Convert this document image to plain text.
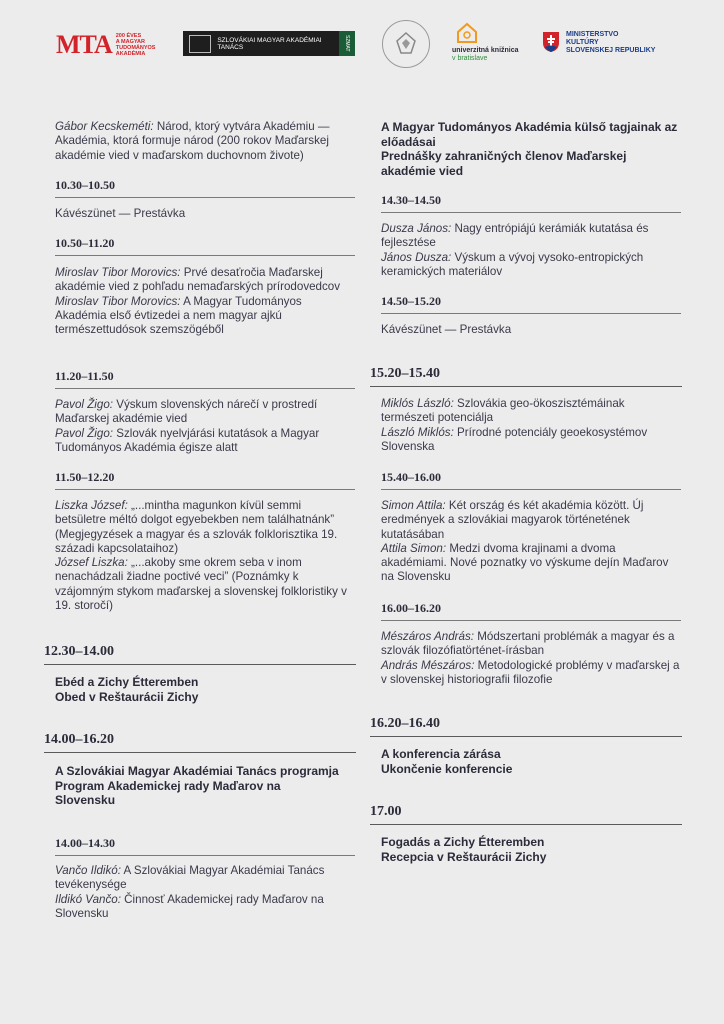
MTA 200 ÉVES
A MAGYAR
TUDOMÁNYOS
AKADÉMIA
SZLOVÁKIAI MAGYAR AKADÉMIAI TANÁCS	SZMAT	univerzitná knižnica
v bratislave
MINISTERSTVO
KULTÚRY
SLOVENSKEJ REPUBLIKY
Gábor Kecskeméti: Národ, ktorý vytvára Akadémiu — Akadémia, ktorá formuje národ (200 rokov Maďarskej akadémie vied v maďarskom duchovnom živote)
10.30–10.50
Kávészünet — Prestávka
10.50–11.20
Miroslav Tibor Morovics: Prvé desaťročia Maďarskej akadémie vied z pohľadu nemaďarských prírodovedcov
Miroslav Tibor Morovics: A Magyar Tudományos Akadémia első évtizedei a nem magyar ajkú természettudósok szemszögéből
11.20–11.50
Pavol Žigo: Výskum slovenských nárečí v prostredí Maďarskej akadémie vied
Pavol Žigo: Szlovák nyelvjárási kutatások a Magyar Tudományos Akadémia égisze alatt
11.50–12.20
Liszka József: „...mintha magunkon kívül semmi betsületre méltó dolgot egyebekben nem találhatnánk” (Megjegyzések a magyar és a szlovák folklorisztika 19. századi kapcsolataihoz)
József Liszka: „...akoby sme okrem seba v inom nenachádzali žiadne poctivé veci” (Poznámky k vzájomným stykom maďarskej a slovenskej folkloristiky v 19. storočí)
12.30–14.00
Ebéd a Zichy Étteremben
Obed v Reštaurácii Zichy
14.00–16.20
A Szlovákiai Magyar Akadémiai Tanács programja
Program Akademickej rady Maďarov na Slovensku
14.00–14.30
Vančo Ildikó: A Szlovákiai Magyar Akadémiai Tanács tevékenysége
Ildikó Vančo: Činnosť Akademickej rady Maďarov na Slovensku
A Magyar Tudományos Akadémia külső tagjainak az előadásai
Prednášky zahraničných členov Maďarskej akadémie vied
14.30–14.50
Dusza János: Nagy entrópiájú kerámiák kutatása és fejlesztése
János Dusza: Výskum a vývoj vysoko-entropických keramických materiálov
14.50–15.20
Kávészünet — Prestávka
15.20–15.40
Miklós László: Szlovákia geo-ökoszisztémáinak természeti potenciálja
László Miklós: Prírodné potenciály geoekosystémov Slovenska
15.40–16.00
Simon Attila: Két ország és két akadémia között. Új eredmények a szlovákiai magyarok történetének kutatásában
Attila Simon: Medzi dvoma krajinami a dvoma akadémiami. Nové poznatky vo výskume dejín Maďarov na Slovensku
16.00–16.20
Mészáros András: Módszertani problémák a magyar és a szlovák filozófiatörténet-írásban
András Mészáros: Metodologické problémy v maďarskej a v slovenskej historiografii filozofie
16.20–16.40
A konferencia zárása
Ukončenie konferencie
17.00
Fogadás a Zichy Étteremben
Recepcia v Reštaurácii Zichy
